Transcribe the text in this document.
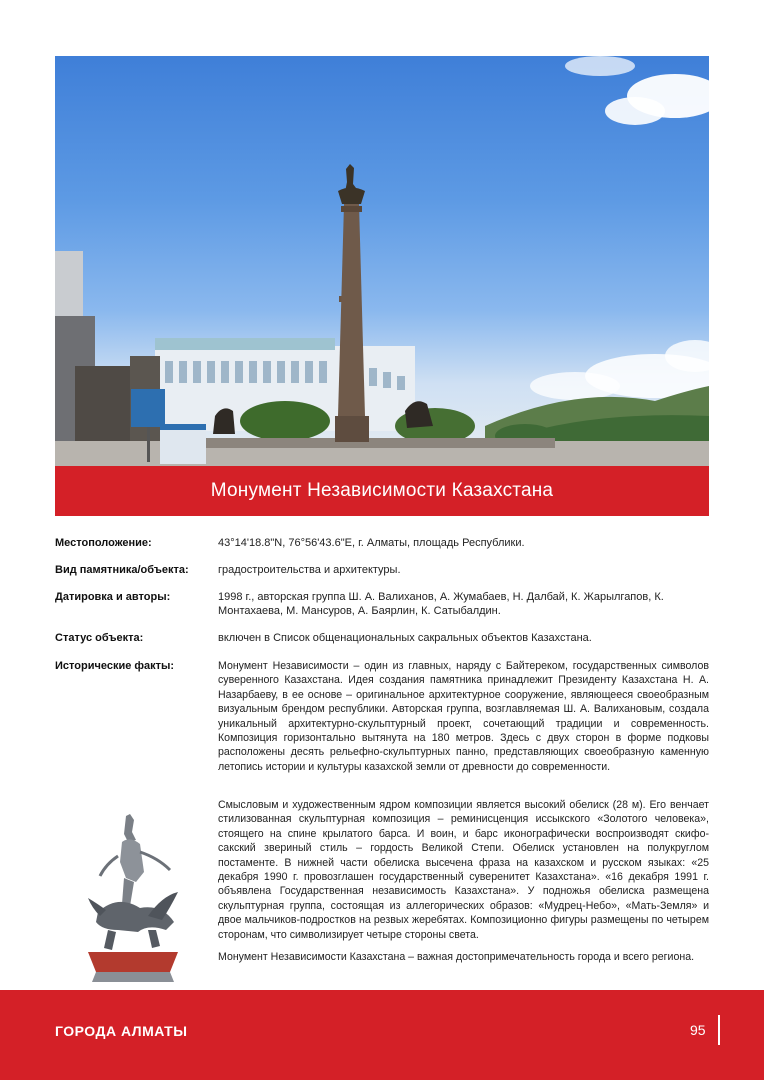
Монумент Независимости Казахстана
Местоположение:	43°14'18.8"N, 76°56'43.6"E, г. Алматы, площадь Республики.
Вид памятника/объекта:	градостроительства и архитектуры.
Датировка и авторы:	1998 г., авторская группа Ш. А. Валиханов, А. Жумабаев, Н. Далбай, К. Жарылгапов, К. Монтахаева, М. Мансуров, А. Баярлин, К. Сатыбалдин.
Статус объекта:	включен в Список общенациональных сакральных объектов Казахстана.
Исторические факты:	Монумент Независимости – один из главных, наряду с Байтереком, государственных символов суверенного Казахстана. Идея создания памятника принадлежит Президенту Казахстана Н. А. Назарбаеву, в ее основе – оригинальное архитектурное сооружение, являющееся своеобразным визуальным брендом республики. Авторская группа, возглавляемая Ш. А. Валихановым, создала уникальный архитектурно-скульптурный проект, сочетающий традиции и современность. Композиция горизонтально вытянута на 180 метров. Здесь с двух сторон в форме подковы расположены десять рельефно-скульптурных панно, представляющих своеобразную каменную летопись истории и культуры казахской земли от древности до современности.

Смысловым и художественным ядром композиции является высокий обелиск (28 м). Его венчает стилизованная скульптурная композиция – реминисценция иссыкского «Золотого человека», стоящего на спине крылатого барса. И воин, и барс иконографически воспроизводят скифо-сакский звериный стиль – гордость Великой Степи. Обелиск установлен на полукруглом постаменте. В нижней части обелиска высечена фраза на казахском и русском языках: «25 декабря 1990 г. провозглашен государственный суверенитет Казахстана». «16 декабря 1991 г. объявлена Государственная независимость Казахстана». У подножья обелиска размещена скульптурная группа, состоящая из аллегорических образов: «Мудрец-Небо», «Мать-Земля» и двое мальчиков-подростков на резвых жеребятах. Композиционно фигуры размещены по четырем сторонам, что символизирует четыре стороны света.

Монумент Независимости Казахстана – важная достопримечательность города и всего региона.

ГОРОДА АЛМАТЫ	95
